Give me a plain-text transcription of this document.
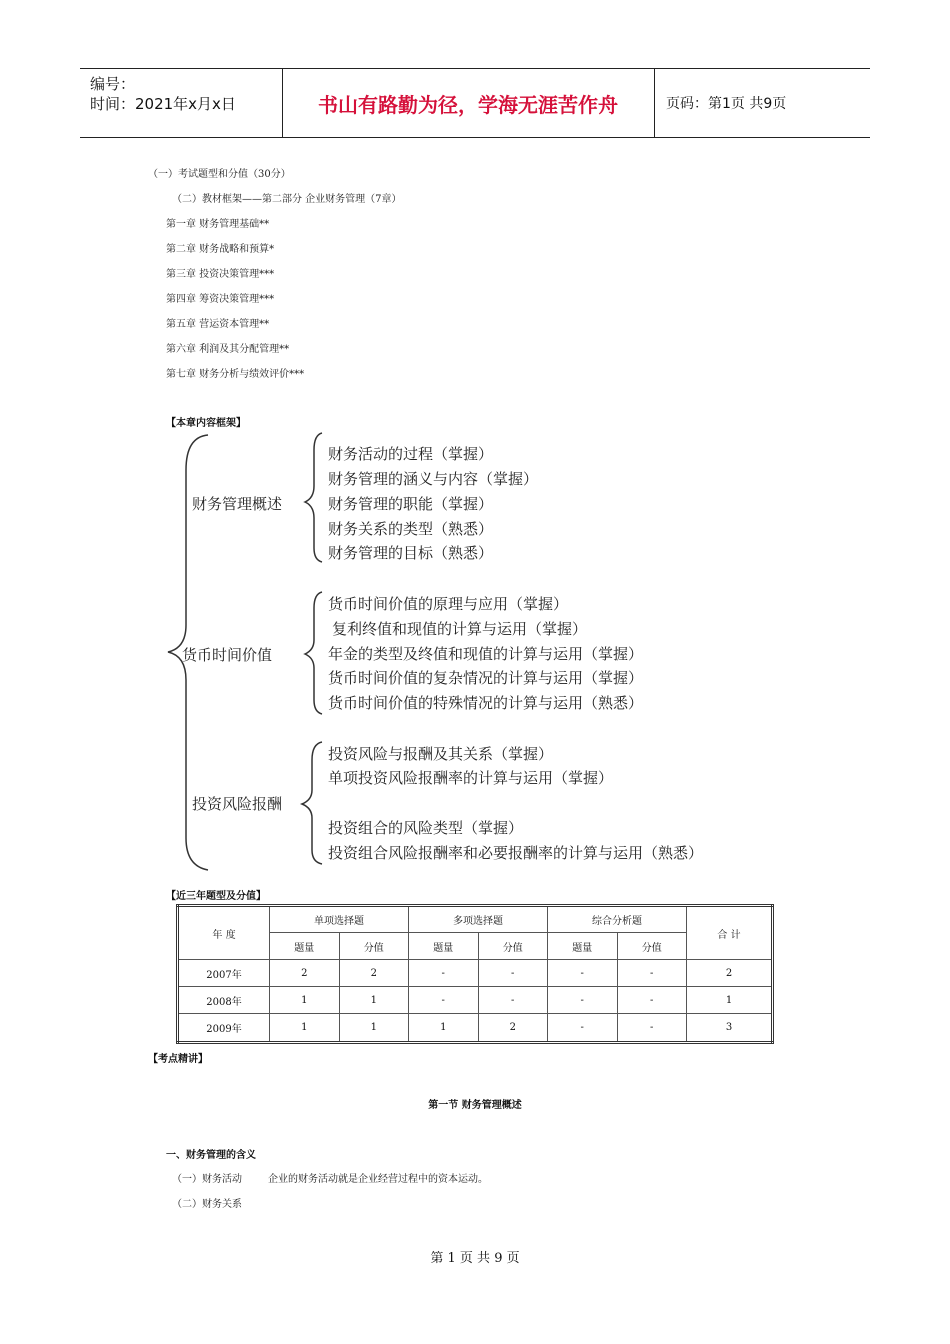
编号：
时间：2021年x月x日	书山有路勤为径，学海无涯苦作舟	页码：第1页 共9页
（一）考试题型和分值（30分）
（二）教材框架——第二部分 企业财务管理（7章）
第一章 财务管理基础**
第二章 财务战略和预算*
第三章 投资决策管理***
第四章 筹资决策管理***
第五章 营运资本管理**
第六章 利润及其分配管理**
第七章 财务分析与绩效评价***
【本章内容框架】
财务管理概述
货币时间价值
投资风险报酬
财务活动的过程（掌握）
财务管理的涵义与内容（掌握）
财务管理的职能（掌握）
财务关系的类型（熟悉）
财务管理的目标（熟悉）
货币时间价值的原理与应用（掌握）
复利终值和现值的计算与运用（掌握）
年金的类型及终值和现值的计算与运用（掌握）
货币时间价值的复杂情况的计算与运用（掌握）
货币时间价值的特殊情况的计算与运用（熟悉）
投资风险与报酬及其关系（掌握）
单项投资风险报酬率的计算与运用（掌握）
投资组合的风险类型（掌握）
投资组合风险报酬率和必要报酬率的计算与运用（熟悉）
【近三年题型及分值】
年 度	单项选择题		多项选择题		综合分析题		合 计
	题量	分值	题量	分值	题量	分值	
2007年	2	2	-	-	-	-	2
2008年	1	1	-	-	-	-	1
2009年	1	1	1	2	-	-	3
【考点精讲】
第一节 财务管理概述
一、财务管理的含义
（一）财务活动	企业的财务活动就是企业经营过程中的资本运动。
（二）财务关系
第 1 页 共 9 页
